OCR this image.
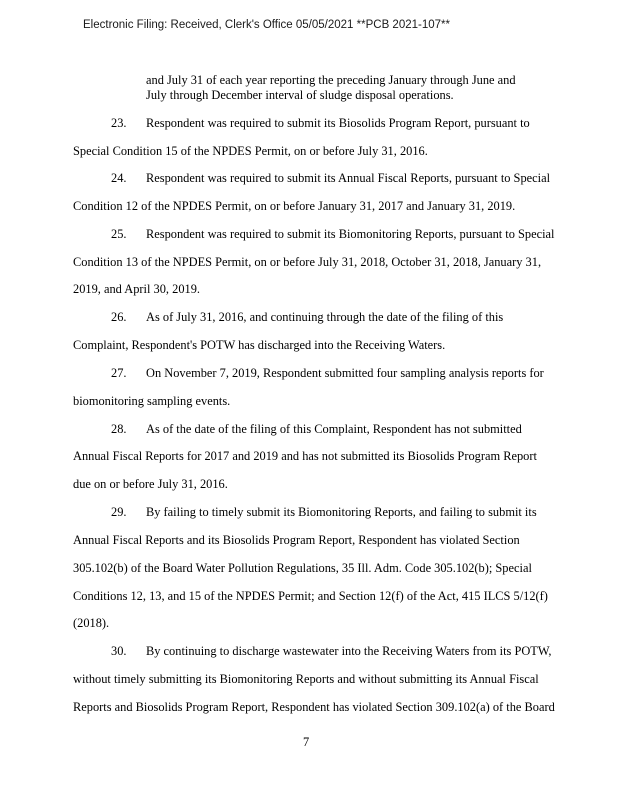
Electronic Filing: Received, Clerk's Office 05/05/2021 **PCB 2021-107**
and July 31 of each year reporting the preceding January through June and
July through December interval of sludge disposal operations.
23. Respondent was required to submit its Biosolids Program Report, pursuant to
Special Condition 15 of the NPDES Permit, on or before July 31, 2016.
24. Respondent was required to submit its Annual Fiscal Reports, pursuant to Special
Condition 12 of the NPDES Permit, on or before January 31, 2017 and January 31, 2019.
25. Respondent was required to submit its Biomonitoring Reports, pursuant to Special
Condition 13 of the NPDES Permit, on or before July 31, 2018, October 31, 2018, January 31,
2019, and April 30, 2019.
26. As of July 31, 2016, and continuing through the date of the filing of this
Complaint, Respondent's POTW has discharged into the Receiving Waters.
27. On November 7, 2019, Respondent submitted four sampling analysis reports for
biomonitoring sampling events.
28. As of the date of the filing of this Complaint, Respondent has not submitted
Annual Fiscal Reports for 2017 and 2019 and has not submitted its Biosolids Program Report
due on or before July 31, 2016.
29. By failing to timely submit its Biomonitoring Reports, and failing to submit its
Annual Fiscal Reports and its Biosolids Program Report, Respondent has violated Section
305.102(b) of the Board Water Pollution Regulations, 35 Ill. Adm. Code 305.102(b); Special
Conditions 12, 13, and 15 of the NPDES Permit; and Section 12(f) of the Act, 415 ILCS 5/12(f)
(2018).
30. By continuing to discharge wastewater into the Receiving Waters from its POTW,
without timely submitting its Biomonitoring Reports and without submitting its Annual Fiscal
Reports and Biosolids Program Report, Respondent has violated Section 309.102(a) of the Board
7
